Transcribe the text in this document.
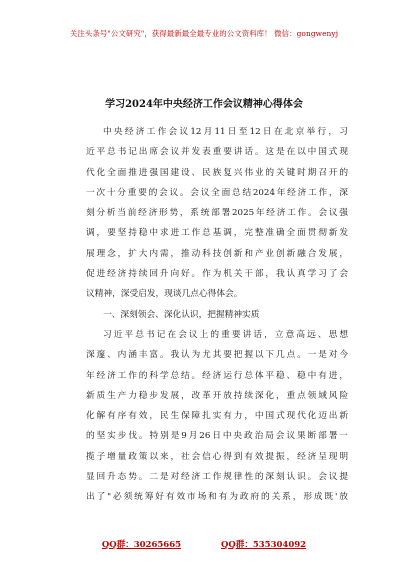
关注头条号"公文研究"，获得最新最全最专业的公文资料库！ 微信：gongwenyj
学习2024年中央经济工作会议精神心得体会
中央经济工作会议12月11日至12日在北京举行，习
近平总书记出席会议并发表重要讲话。这是在以中国式现
代化全面推进强国建设、民族复兴伟业的关键时期召开的
一次十分重要的会议。会议全面总结2024年经济工作，深
刻分析当前经济形势，系统部署2025年经济工作。会议强
调，要坚持稳中求进工作总基调，完整准确全面贯彻新发
展理念，扩大内需，推动科技创新和产业创新融合发展，
促进经济持续回升向好。作为机关干部，我认真学习了会
议精神，深受启发，现谈几点心得体会。
一、深刻领会、深化认识，把握精神实质
习近平总书记在会议上的重要讲话，立意高远、思想
深邃、内涵丰富。我认为尤其要把握以下几点。一是对今
年经济工作的科学总结。经济运行总体平稳、稳中有进，
新质生产力稳步发展，改革开放持续深化，重点领域风险
化解有序有效，民生保障扎实有力，中国式现代化迈出新
的坚实步伐。特别是9月26日中央政治局会议果断部署一
揽子增量政策以来，社会信心得到有效提振，经济呈现明
显回升态势。二是对经济工作规律性的深刻认识。会议提
出了"必须统筹好有效市场和有为政府的关系，形成既'放
QQ群：30265665	QQ群：535304092
